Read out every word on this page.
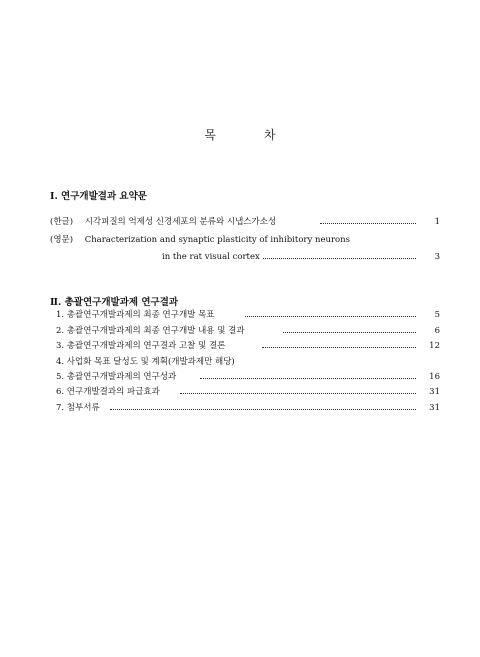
목	차
Ⅰ. 연구개발결과 요약문
(한글) 시각피질의 억제성 신경세포의 분류와 시냅스가소성	1
(영문) Characterization and synaptic plasticity of inhibitory neurons
in the rat visual cortex	3
Ⅱ. 총괄연구개발과제 연구결과
1. 총괄연구개발과제의 최종 연구개발 목표	5
2. 총괄연구개발과제의 최종 연구개발 내용 및 결과	6
3. 총괄연구개발과제의 연구결과 고찰 및 결론	12
4. 사업화 목표 달성도 및 계획(개발과제만 해당)
5. 총괄연구개발과제의 연구성과	16
6. 연구개발결과의 파급효과	31
7. 첨부서류	31
